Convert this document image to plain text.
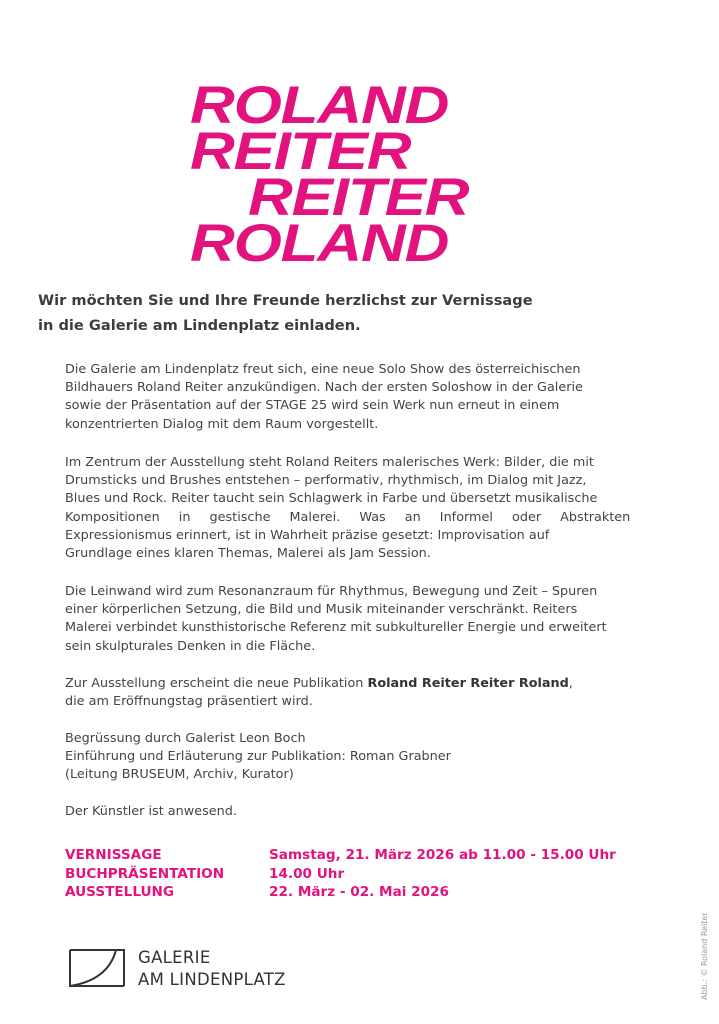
ROLAND
REITER
REITER
ROLAND
Wir möchten Sie und Ihre Freunde herzlichst zur Vernissage
in die Galerie am Lindenplatz einladen.
Die Galerie am Lindenplatz freut sich, eine neue Solo Show des österreichischen
Bildhauers Roland Reiter anzukündigen. Nach der ersten Soloshow in der Galerie
sowie der Präsentation auf der STAGE 25 wird sein Werk nun erneut in einem
konzentrierten Dialog mit dem Raum vorgestellt.
Im Zentrum der Ausstellung steht Roland Reiters malerisches Werk: Bilder, die mit
Drumsticks und Brushes entstehen – performativ, rhythmisch, im Dialog mit Jazz,
Blues und Rock. Reiter taucht sein Schlagwerk in Farbe und übersetzt musikalische
Kompositionen in gestische Malerei. Was an Informel oder Abstrakten
Expressionismus erinnert, ist in Wahrheit präzise gesetzt: Improvisation auf
Grundlage eines klaren Themas, Malerei als Jam Session.
Die Leinwand wird zum Resonanzraum für Rhythmus, Bewegung und Zeit – Spuren
einer körperlichen Setzung, die Bild und Musik miteinander verschränkt. Reiters
Malerei verbindet kunsthistorische Referenz mit subkultureller Energie und erweitert
sein skulpturales Denken in die Fläche.
Zur Ausstellung erscheint die neue Publikation Roland Reiter Reiter Roland,
die am Eröffnungstag präsentiert wird.
Begrüssung durch Galerist Leon Boch
Einführung und Erläuterung zur Publikation: Roman Grabner
(Leitung BRUSEUM, Archiv, Kurator)
Der Künstler ist anwesend.
VERNISSAGE
BUCHPRÄSENTATION
AUSSTELLUNG
Samstag, 21. März 2026 ab 11.00 - 15.00 Uhr
14.00 Uhr
22. März - 02. Mai 2026
GALERIE
AM LINDENPLATZ	Abb.: © Roland Reiter
